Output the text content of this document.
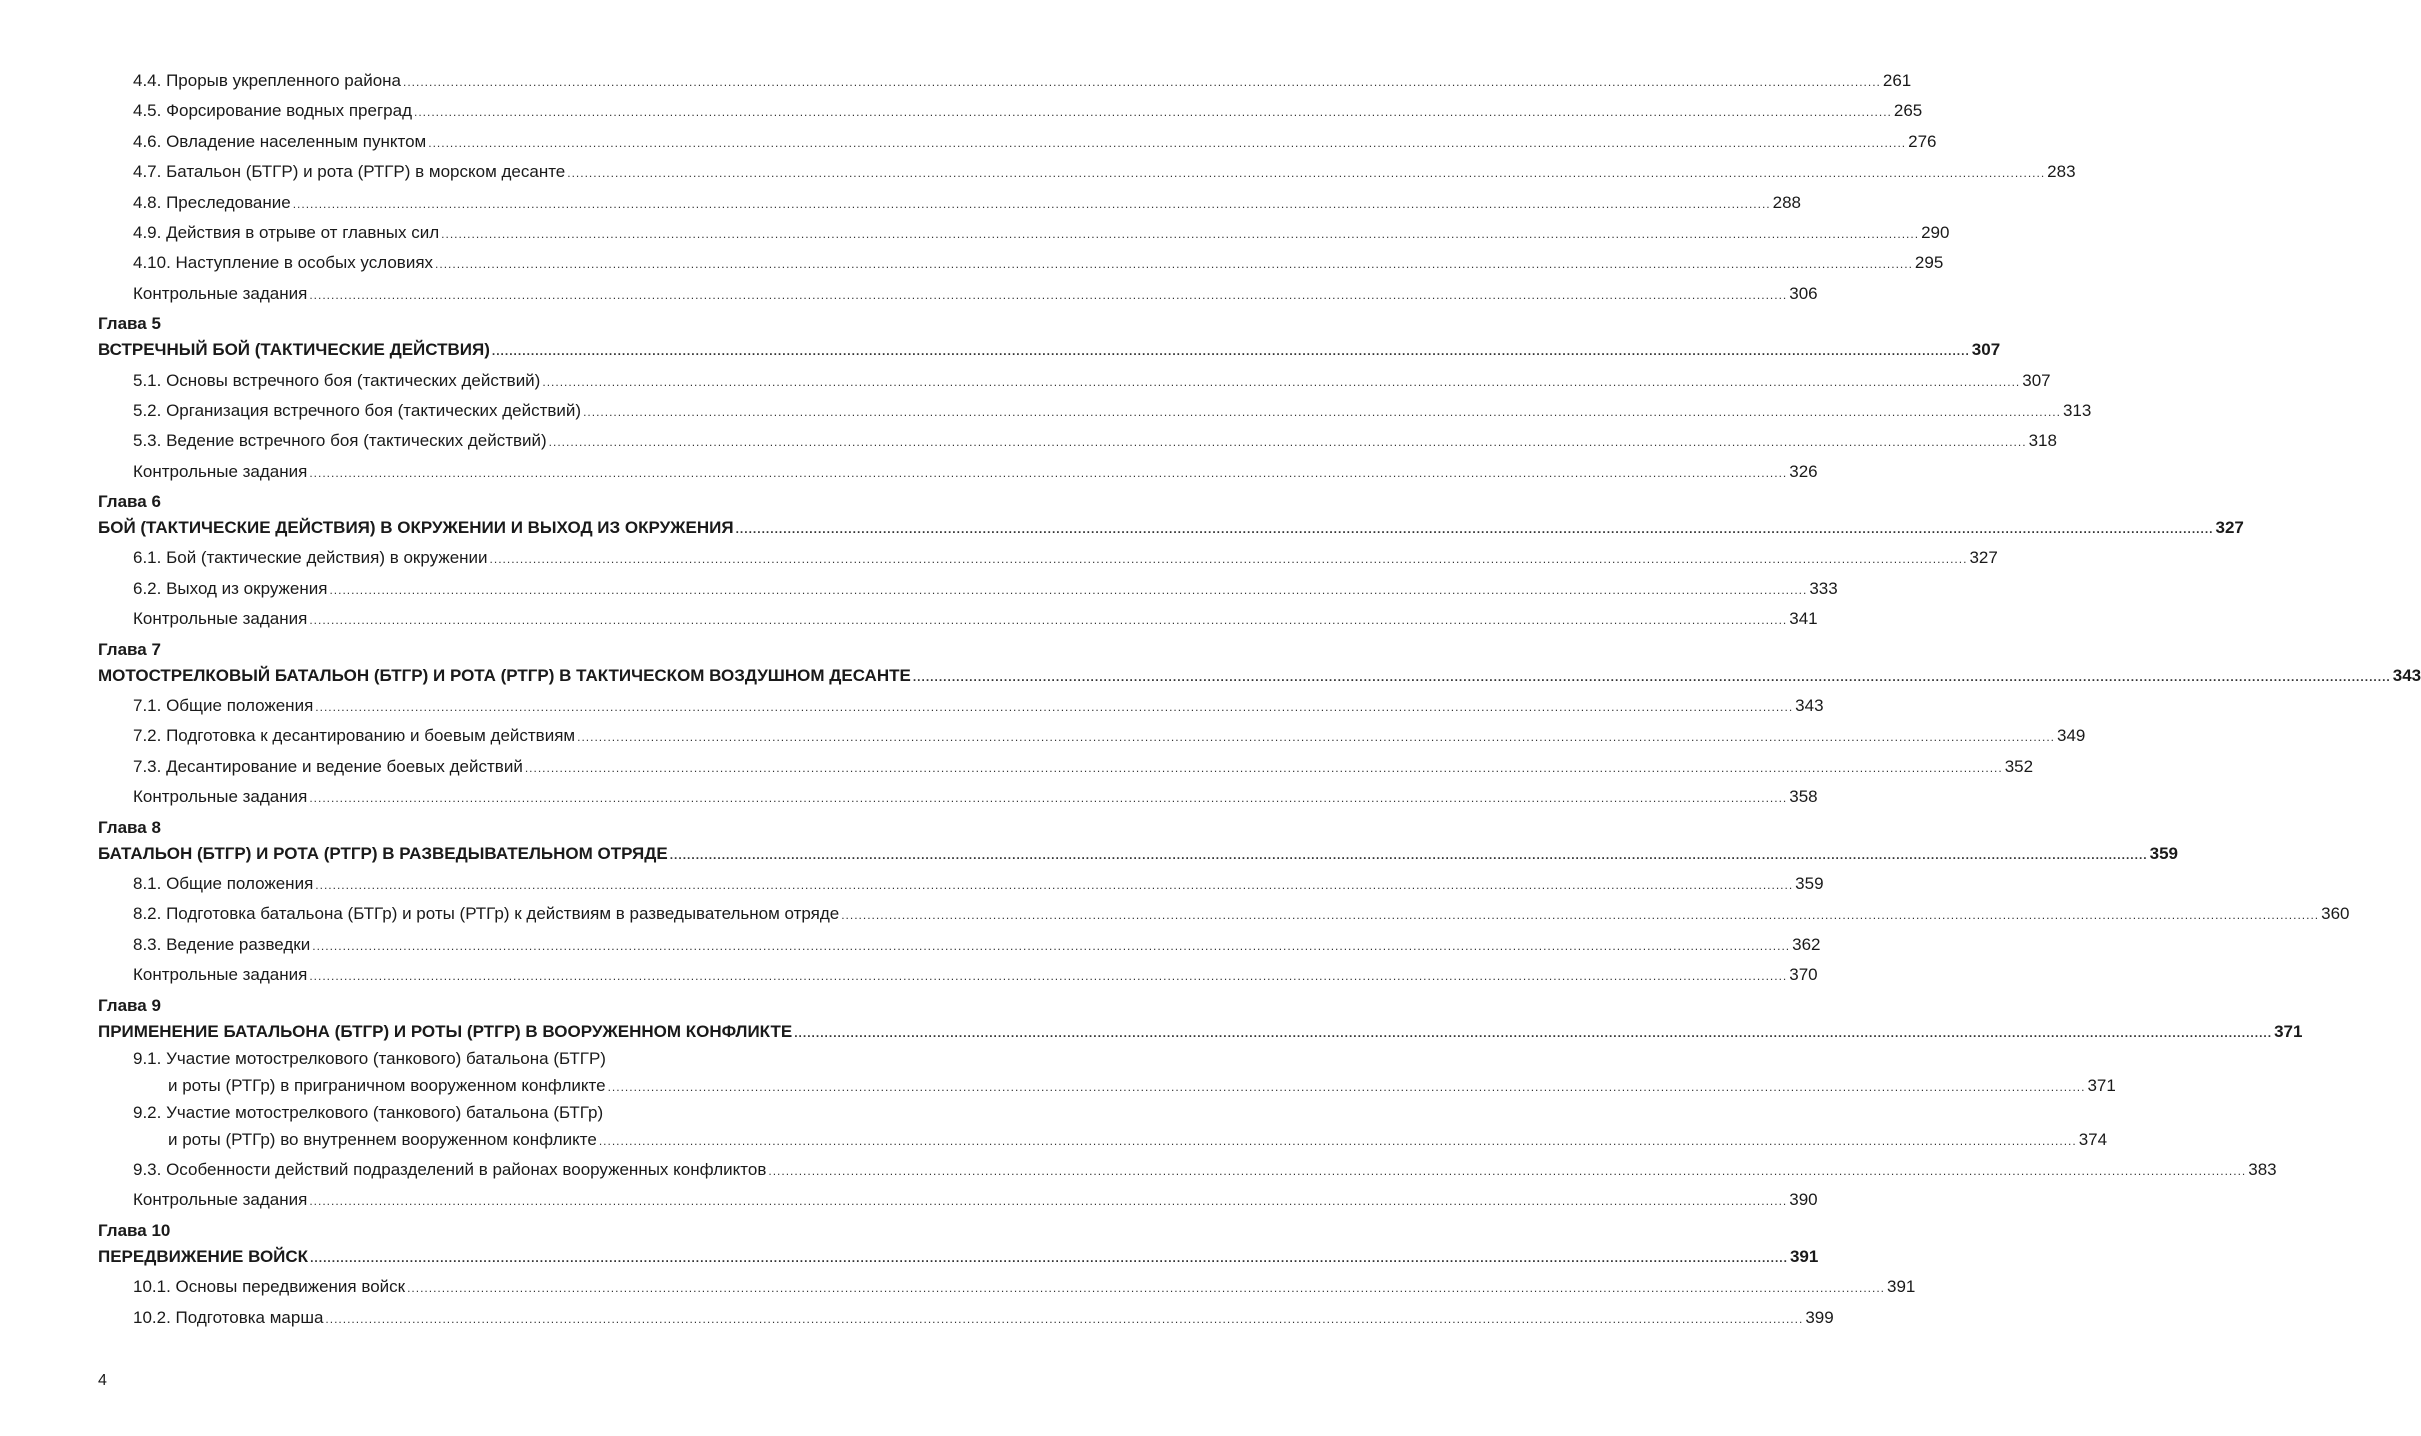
4.4. Прорыв укрепленного района .....	261
4.5. Форсирование водных преград .....	265
4.6. Овладение населенным пунктом .....	276
4.7. Батальон (БТГР) и рота (РТГР) в морском десанте .....	283
4.8. Преследование .....	288
4.9. Действия в отрыве от главных сил .....	290
4.10. Наступление в особых условиях .....	295
Контрольные задания .....	306
Глава 5
ВСТРЕЧНЫЙ БОЙ (ТАКТИЧЕСКИЕ ДЕЙСТВИЯ) .....	307
5.1. Основы встречного боя (тактических действий) .....	307
5.2. Организация встречного боя (тактических действий) .....	313
5.3. Ведение встречного боя (тактических действий) .....	318
Контрольные задания .....	326
Глава 6
БОЙ (ТАКТИЧЕСКИЕ ДЕЙСТВИЯ) В ОКРУЖЕНИИ И ВЫХОД ИЗ ОКРУЖЕНИЯ .....	327
6.1. Бой (тактические действия) в окружении .....	327
6.2. Выход из окружения .....	333
Контрольные задания .....	341
Глава 7
МОТОСТРЕЛКОВЫЙ БАТАЛЬОН (БТГР) И РОТА (РТГР) В ТАКТИЧЕСКОМ ВОЗДУШНОМ ДЕСАНТЕ .....	343
7.1. Общие положения .....	343
7.2. Подготовка к десантированию и боевым действиям .....	349
7.3. Десантирование и ведение боевых действий .....	352
Контрольные задания .....	358
Глава 8
БАТАЛЬОН (БТГР) И РОТА (РТГР) В РАЗВЕДЫВАТЕЛЬНОМ ОТРЯДЕ .....	359
8.1. Общие положения .....	359
8.2. Подготовка батальона (БТГр) и роты (РТГр) к действиям в разведывательном отряде .....	360
8.3. Ведение разведки .....	362
Контрольные задания .....	370
Глава 9
ПРИМЕНЕНИЕ БАТАЛЬОНА (БТГР) И РОТЫ (РТГР) В ВООРУЖЕННОМ КОНФЛИКТЕ .....	371
9.1. Участие мотострелкового (танкового) батальона (БТГР)
и роты (РТГр) в приграничном вооруженном конфликте .....	371
9.2. Участие мотострелкового (танкового) батальона (БТГр)
и роты (РТГр) во внутреннем вооруженном конфликте .....	374
9.3. Особенности действий подразделений в районах вооруженных конфликтов .....	383
Контрольные задания .....	390
Глава 10
ПЕРЕДВИЖЕНИЕ ВОЙСК .....	391
10.1. Основы передвижения войск .....	391
10.2. Подготовка марша .....	399
4
